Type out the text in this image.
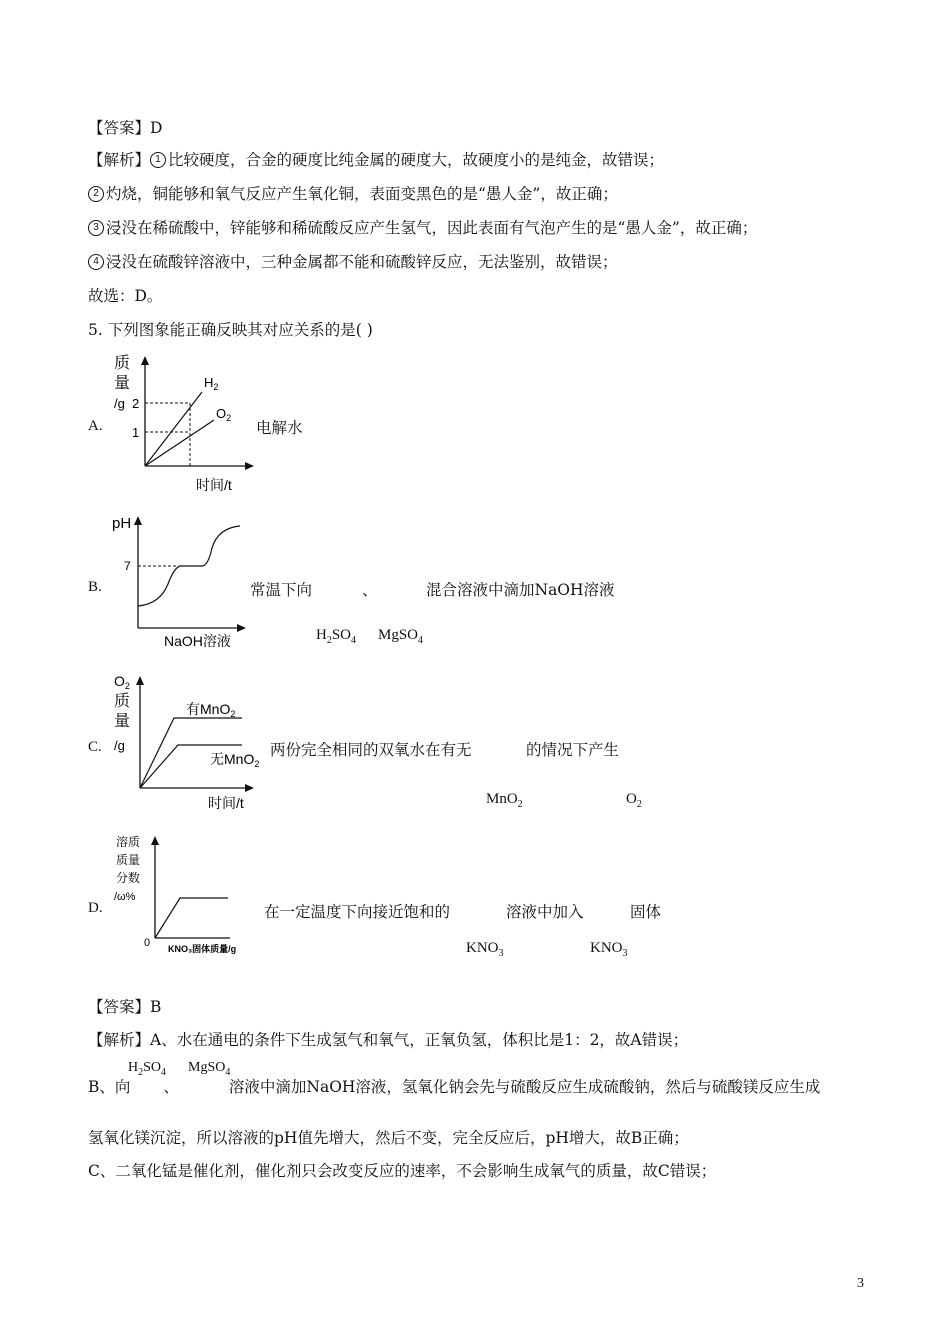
【答案】D
【解析】 1 比较硬度，合金的硬度比纯金属的硬度大，故硬度小的是纯金，故错误；
2 灼烧，铜能够和氧气反应产生氧化铜，表面变黑色的是“愚人金”，故正确；
3 浸没在稀硫酸中，锌能够和稀硫酸反应产生氢气，因此表面有气泡产生的是“愚人金”，故正确；
4 浸没在硫酸锌溶液中，三种金属都不能和硫酸锌反应，无法鉴别，故错误；
故选：D。
5. 下列图象能正确反映其对应关系的是( )
A.
质
量
/g 2
1
$H_2$
$O_2$
时间/t
电解水
B.
pH
7
NaOH溶液
常温下向	、	混合溶液中滴加NaOH溶液
$H_2SO_4$ MgSO$_4$
C.
$O_2$
质
量
/g
有MnO$_2$
无MnO$_2$
时间/t
两份完全相同的双氧水在有无	的情况下产生
MnO$_2$	$O_2$
D.
溶质
质量
分数
/ω%
0 KNO₃固体质量/g
在一定温度下向接近饱和的	溶液中加入	固体
$KNO_3$	$KNO_3$
【答案】B
【解析】A、水在通电的条件下生成氢气和氧气，正氧负氢，体积比是1：2，故A错误；
$H_2SO_4$ MgSO$_4$
B、向 、	溶液中滴加NaOH溶液，氢氧化钠会先与硫酸反应生成硫酸钠，然后与硫酸镁反应生成
氢氧化镁沉淀，所以溶液的pH值先增大，然后不变，完全反应后，pH增大，故B正确；
C、二氧化锰是催化剂，催化剂只会改变反应的速率，不会影响生成氧气的质量，故C错误；
3
